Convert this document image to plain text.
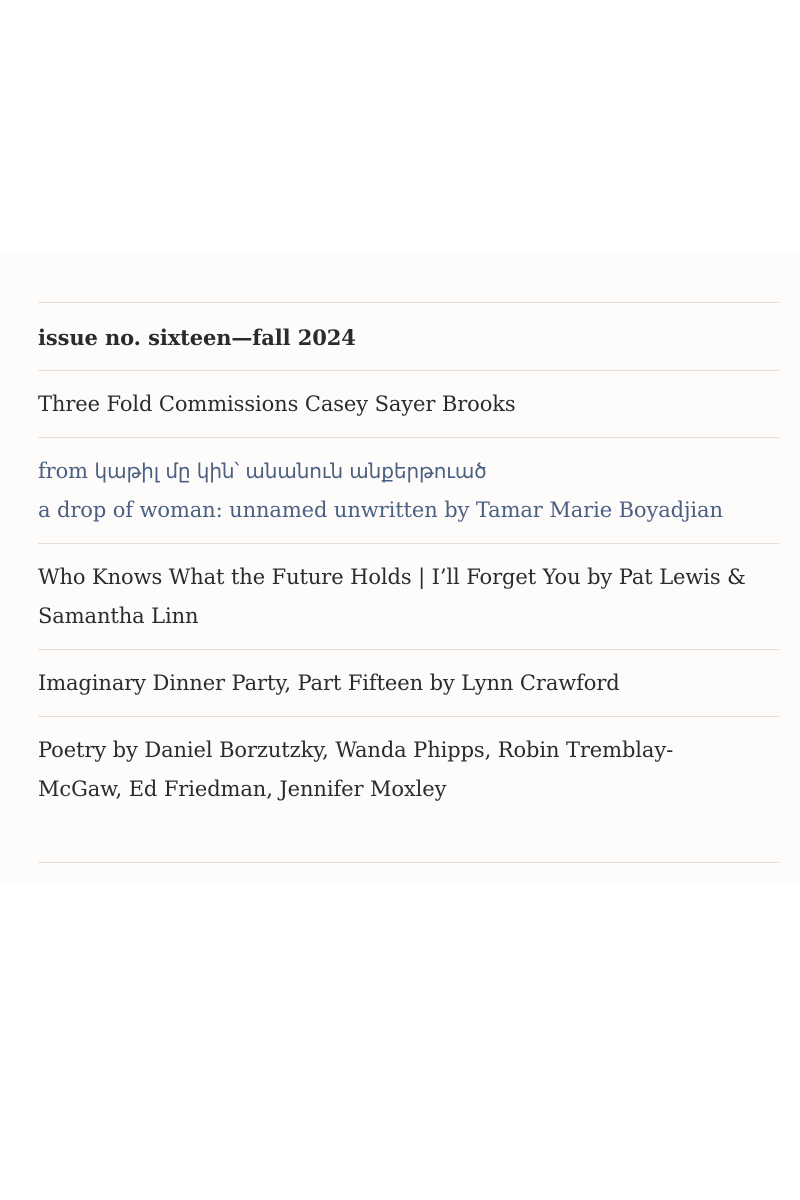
issue no. sixteen—fall 2024
Three Fold Commissions Casey Sayer Brooks
from կաթիլ մը կին՝ անանուն անքերթուած
a drop of woman: unnamed unwritten by Tamar Marie Boyadjian
Who Knows What the Future Holds | I’ll Forget You by Pat Lewis &
Samantha Linn
Imaginary Dinner Party, Part Fifteen by Lynn Crawford
Poetry by Daniel Borzutzky, Wanda Phipps, Robin Tremblay-
McGaw, Ed Friedman, Jennifer Moxley
